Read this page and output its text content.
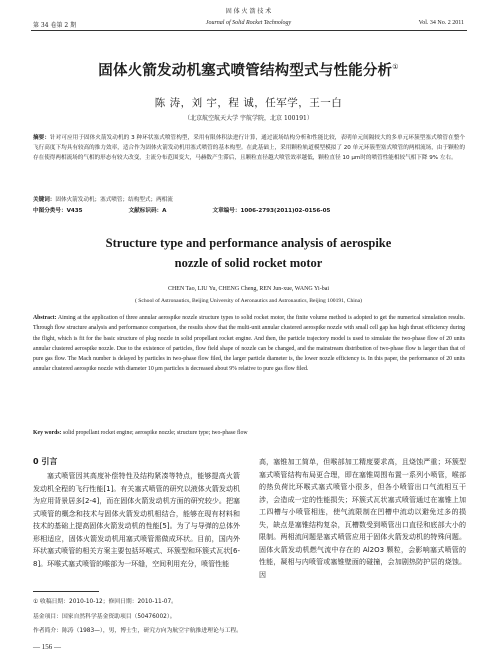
固 体 火 箭 技 术
第 34 卷第 2 期	Journal of Solid Rocket Technology	Vol. 34 No. 2 2011
固体火箭发动机塞式喷管结构型式与性能分析①
陈 涛，刘 宇，程 诚，任军学，王一白
（北京航空航天大学 宇航学院，北京 100191）
摘要：针对可应用于固体火箭发动机的 3 种环状塞式喷管构型，采用有限体积法进行计算，通过流场结构分析和性能比较，表明单元间隔较大的多单元环簇型塞式喷管在整个飞行高度下均具有较高的推力效率，适合作为固体火箭发动机用塞式喷管的基本构型。在此基础上，采用颗粒轨道模型模拟了 20 单元环簇型塞式喷管的两相流场，由于颗粒的存在使得两相流场的气相的形态有较大改变，主流分布范围变大，马赫数产生滞后，且颗粒直径越大喷管效率越低，颗粒直径 10 μm时的喷管性能相较气相下降 9% 左右。
关键词：固体火箭发动机；塞式喷管；结构型式；两相流
中图分类号：V435	文献标识码：A	文章编号：1006-2793(2011)02-0156-05
Structure type and performance analysis of aerospike nozzle of solid rocket motor
CHEN Tao, LIU Yu, CHENG Cheng, REN Jun-xue, WANG Yi-bai
( School of Astronautics, Beijing University of Aeronautics and Astronautics, Beijing 100191, China)
Abstract: Aiming at the application of three annular aerospike nozzle structure types to solid rocket motor, the finite volume method is adopted to get the numerical simulation results. Through flow structure analysis and performance comparison, the results show that the multi-unit annular clustered aerospike nozzle with small cell gap has high thrust efficiency during the flight, which is fit for the basic structure of plug nozzle in solid propellant rocket engine. And then, the particle trajectory model is used to simulate the two-phase flow of 20 units annular clustered aerospike nozzle. Due to the existence of particles, flow field shape of nozzle can be changed, and the mainstream distribution of two-phase flow is larger than that of pure gas flow. The Mach number is delayed by particles in two-phase flow filed, the larger particle diameter is, the lower nozzle efficiency is. In this paper, the performance of 20 units annular clustered aerospike nozzle with diameter 10 μm particles is decreased about 9% relative to pure gas flow filed.
Key words: solid propellant rocket engine; aerospike nozzle; structure type; two-phase flow
0 引言

塞式喷管因其高度补偿特性及结构紧凑等特点，能够提高火箭发动机全程的飞行性能[1]。有关塞式喷管的研究以液体火箭发动机为应用背景居多[2-4]，而在固体火箭发动机方面的研究较少。把塞式喷管的概念和技术与固体火箭发动机相结合，能够在现有材料和技术的基础上提高固体火箭发动机的性能[5]。为了与导弹的总体外形相适应，固体火箭发动机用塞式喷管需做成环状。目前，国内外环状塞式喷管的相关方案主要包括环喉式、环簇型和环簇式瓦状[6-8]。环喉式塞式喷管的喉部为一环缝，空间利用充分，喷管性能

高，塞锥加工简单，但喉部加工精度要求高，且烧蚀严重；环簇型塞式喷管结构布局更合理，即在塞锥周围布置一系列小喷管，喉部的热负荷比环喉式塞式喷管小很多，但各小喷管出口气流相互干涉，会造成一定的性能损失；环簇式瓦状塞式喷管通过在塞锥上加工四槽与小喷管相连，使气流限制在凹槽中流动以避免过多的损失，缺点是塞锥结构复杂，瓦槽数受到喷管出口直径和底部大小的限制。两相流问题是塞式喷管应用于固体火箭发动机的特殊问题。固体火箭发动机燃气流中存在的 Al2O3 颗粒，会影响塞式喷管的性能，凝相与内喷管或塞锥壁面的碰撞，会加剧热防护层的烧蚀。因

① 收稿日期：2010-10-12；修回日期：2010-11-07。
基金项目：国家自然科学基金资助项目（50476002）。
作者简介：陈涛（1983—），男，博士生，研究方向为航空宇航推进理论与工程。
— 156 —
